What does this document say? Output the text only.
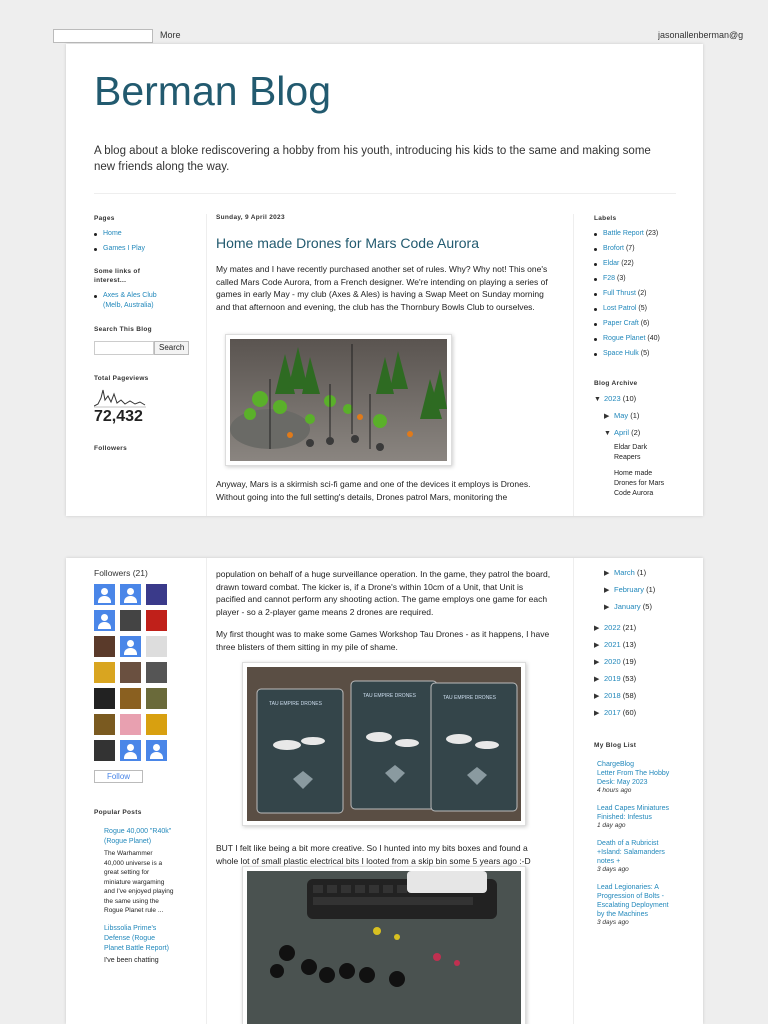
More	jasonallenberman@g
Berman Blog
A blog about a bloke rediscovering a hobby from his youth, introducing his kids to the same and making some new friends along the way.
Pages
Home
Games I Play
Some links of interest...
Axes & Ales Club (Melb, Australia)
Search This Blog
Search
Total Pageviews
72,432
Followers
Sunday, 9 April 2023
Home made Drones for Mars Code Aurora
My mates and I have recently purchased another set of rules. Why? Why not! This one's called Mars Code Aurora, from a French designer. We're intending on playing a series of games in early May - my club (Axes & Ales) is having a Swap Meet on Sunday morning and that afternoon and evening, the club has the Thornbury Bowls Club to ourselves.
Anyway, Mars is a skirmish sci-fi game and one of the devices it employs is Drones. Without going into the full setting's details, Drones patrol Mars, monitoring the
Labels
Battle Report (23)
Brofort (7)
Eldar (22)
F28 (3)
Full Thrust (2)
Lost Patrol (5)
Paper Craft (6)
Rogue Planet (40)
Space Hulk (5)
Blog Archive
▼ 2023 (10)
▶ May (1)
▼ April (2)
Eldar Dark Reapers
Home made Drones for Mars Code Aurora
Followers (21)
Follow
Popular Posts
Rogue 40,000 "R40k" (Rogue Planet)
The Warhammer 40,000 universe is a great setting for miniature wargaming and I've enjoyed playing the same using the Rogue Planet rule ...
Libssolia Prime's Defense (Rogue Planet Battle Report)
I've been chatting
population on behalf of a huge surveillance operation. In the game, they patrol the board, drawn toward combat. The kicker is, if a Drone's within 10cm of a Unit, that Unit is pacified and cannot perform any shooting action. The game employs one game for each player - so a 2-player game means 2 drones are required.
My first thought was to make some Games Workshop Tau Drones - as it happens, I have three blisters of them sitting in my pile of shame.
TAU EMPIRE DRONES
TAU EMPIRE DRONES	TAU EMPIRE DRONES
BUT I felt like being a bit more creative. So I hunted into my bits boxes and found a whole lot of small plastic electrical bits I looted from a skip bin some 5 years ago :-D
▶ March (1)
▶ February (1)
▶ January (5)
▶ 2022 (21)
▶ 2021 (13)
▶ 2020 (19)
▶ 2019 (53)
▶ 2018 (58)
▶ 2017 (60)
My Blog List
ChargeBlog
Letter From The Hobby Desk: May 2023
4 hours ago
Lead Capes Miniatures Finished: Infestus
1 day ago
Death of a Rubricist +Island: Salamanders notes +
3 days ago
Lead Legionaries: A Progression of Bolts - Escalating Deployment by the Machines
3 days ago
